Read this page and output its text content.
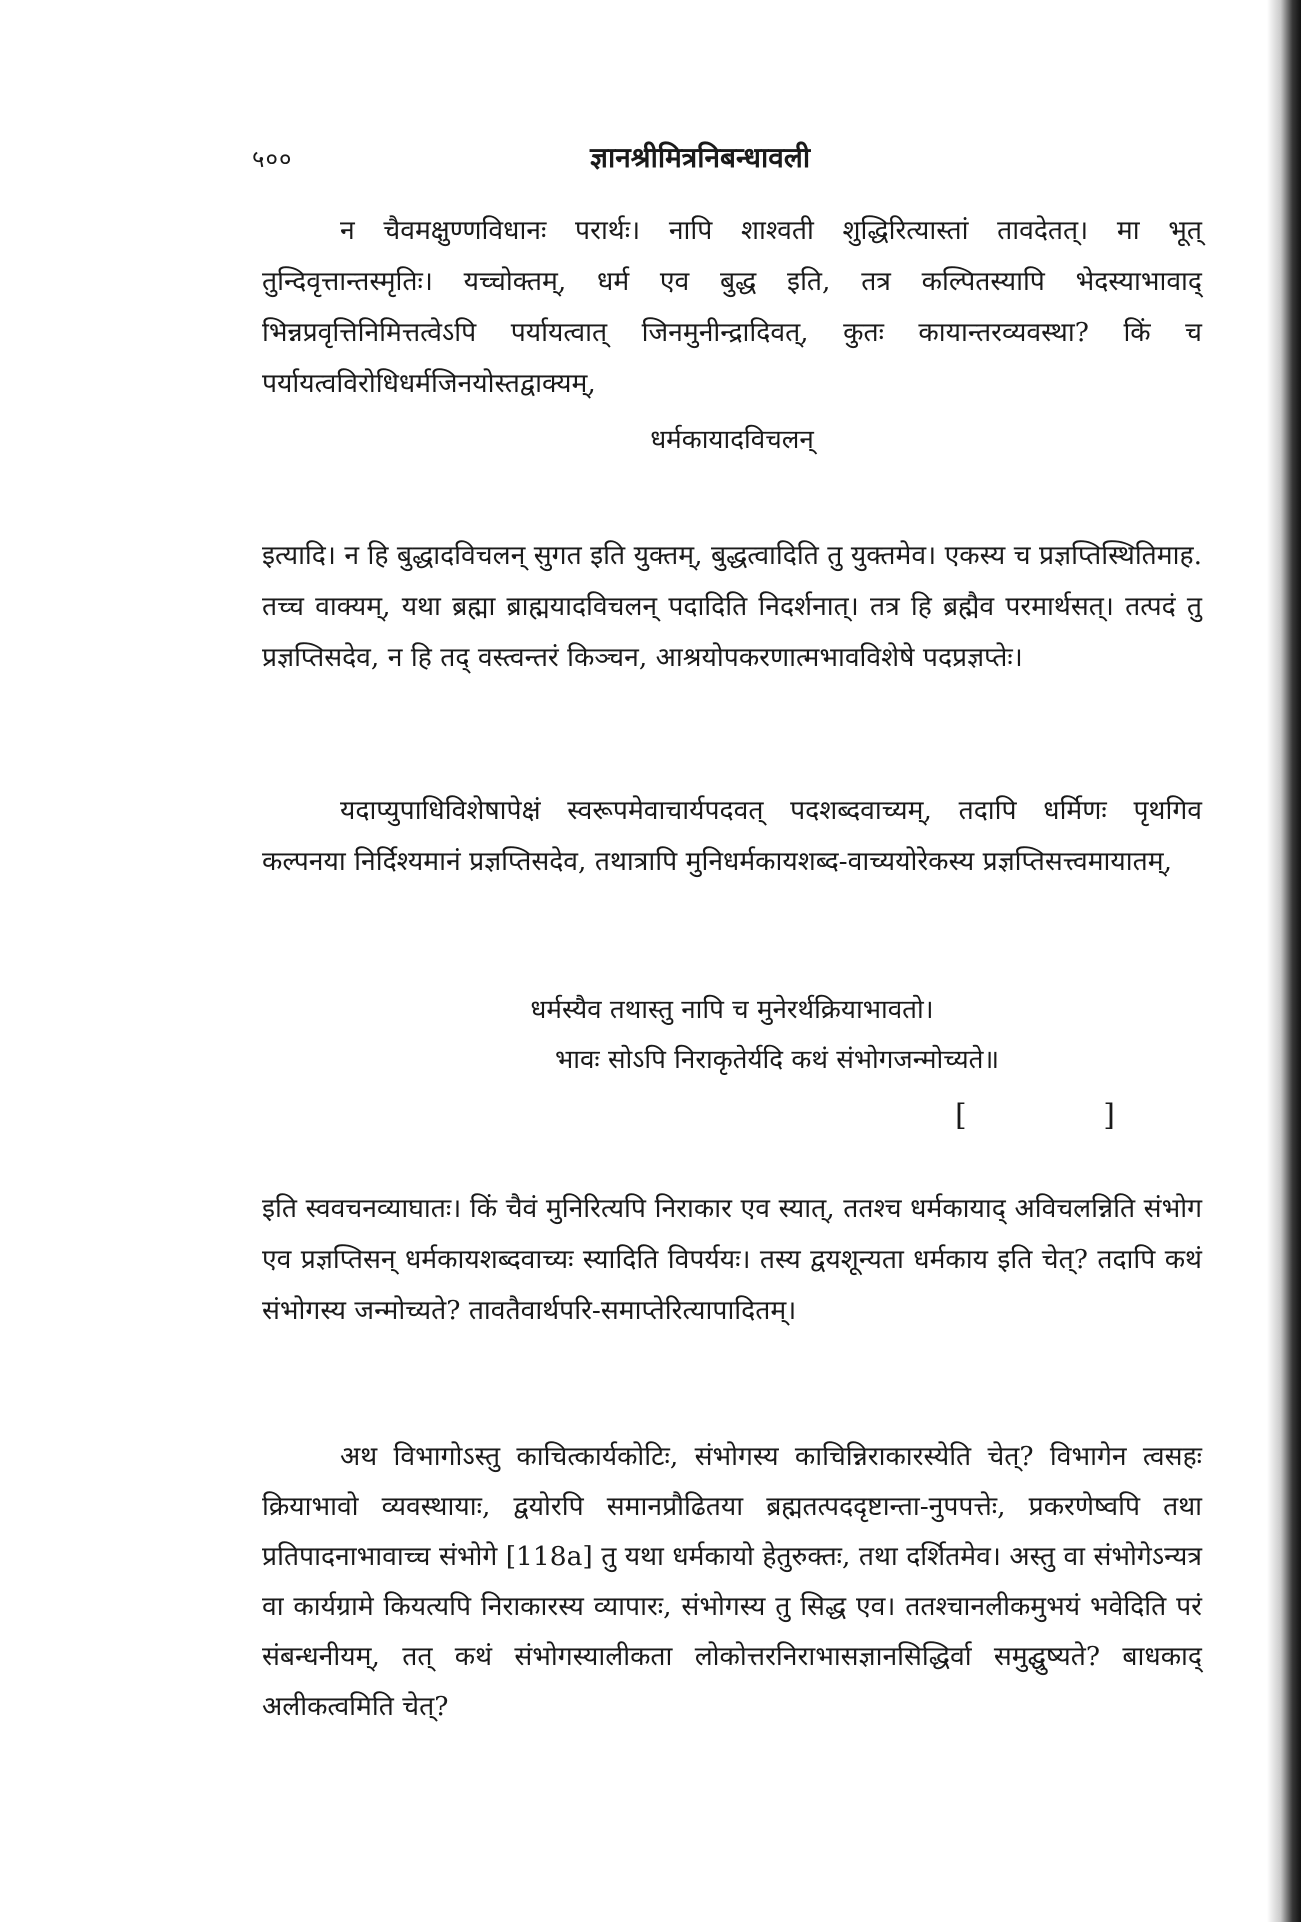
५००	ज्ञानश्रीमित्रनिबन्धावली

न चैवमक्षुण्णविधानः परार्थः। नापि शाश्वती शुद्धिरित्यास्तां तावदेतत्। मा भूत् तुन्दिवृत्तान्तस्मृतिः। यच्चोक्तम्, धर्म एव बुद्ध इति, तत्र कल्पितस्यापि भेदस्याभावाद् भिन्नप्रवृत्तिनिमित्तत्वेऽपि पर्यायत्वात् जिनमुनीन्द्रादिवत्, कुतः कायान्तरव्यवस्था? किं च पर्यायत्वविरोधिधर्मजिनयोस्तद्वाक्यम्,

धर्मकायादविचलन्

इत्यादि। न हि बुद्धादविचलन् सुगत इति युक्तम्, बुद्धत्वादिति तु युक्तमेव। एकस्य च प्रज्ञप्तिस्थितिमाह. तच्च वाक्यम्, यथा ब्रह्मा ब्राह्मयादविचलन् पदादिति निदर्शनात्। तत्र हि ब्रह्मैव परमार्थसत्। तत्पदं तु प्रज्ञप्तिसदेव, न हि तद् वस्त्वन्तरं किञ्चन, आश्रयोपकरणात्मभावविशेषे पदप्रज्ञप्तेः।

यदाप्युपाधिविशेषापेक्षं स्वरूपमेवाचार्यपदवत् पदशब्दवाच्यम्, तदापि धर्मिणः पृथगिव कल्पनया निर्दिश्यमानं प्रज्ञप्तिसदेव, तथात्रापि मुनिधर्मकायशब्द-वाच्ययोरेकस्य प्रज्ञप्तिसत्त्वमायातम्,

धर्मस्यैव तथास्तु नापि च मुनेरर्थक्रियाभावतो।
भावः सोऽपि निराकृतेर्यदि कथं संभोगजन्मोच्यते॥
[	]

इति स्ववचनव्याघातः। किं चैवं मुनिरित्यपि निराकार एव स्यात्, ततश्च धर्मकायाद् अविचलन्निति संभोग एव प्रज्ञप्तिसन् धर्मकायशब्दवाच्यः स्यादिति विपर्ययः। तस्य द्वयशून्यता धर्मकाय इति चेत्? तदापि कथं संभोगस्य जन्मोच्यते? तावतैवार्थपरि-समाप्तेरित्यापादितम्।

अथ विभागोऽस्तु काचित्कार्यकोटिः, संभोगस्य काचिन्निराकारस्येति चेत्? विभागेन त्वसहः क्रियाभावो व्यवस्थायाः, द्वयोरपि समानप्रौढितया ब्रह्मतत्पददृष्टान्ता-नुपपत्तेः, प्रकरणेष्वपि तथा प्रतिपादनाभावाच्च संभोगे [118a] तु यथा धर्मकायो हेतुरुक्तः, तथा दर्शितमेव। अस्तु वा संभोगेऽन्यत्र वा कार्यग्रामे कियत्यपि निराकारस्य व्यापारः, संभोगस्य तु सिद्ध एव। ततश्चानलीकमुभयं भवेदिति परं संबन्धनीयम्, तत् कथं संभोगस्यालीकता लोकोत्तरनिराभासज्ञानसिद्धिर्वा समुद्घुष्यते? बाधकाद् अलीकत्वमिति चेत्?
